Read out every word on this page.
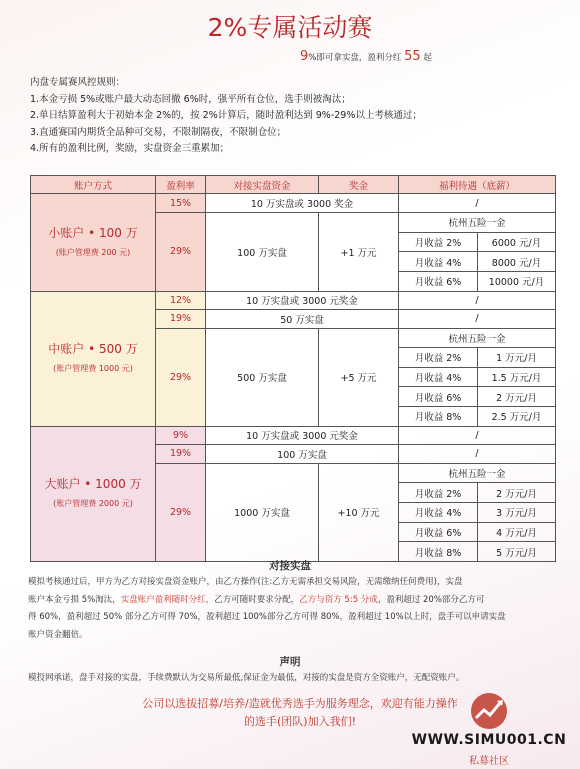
2%专属活动赛
9%即可拿实盘，盈利分红 55 起
内盘专属赛风控规则：
1.本金亏损 5%或账户最大动态回撤 6%时，强平所有仓位，选手则被淘汰；
2.单日结算盈利大于初始本金 2%的，按 2%计算后，随时盈利达到 9%-29%以上考核通过；
3.直通赛国内期货全品种可交易，不限制隔夜，不限制仓位；
4.所有的盈利比例，奖励，实盘资金三重累加；
账户方式	盈利率	对接实盘资金	奖金	福利待遇（底薪）	
小账户 • 100 万
(账户管理费 200 元)	15%	10 万实盘或 3000 奖金		/	
	29%	100 万实盘	+1 万元	杭州五险一金	
				月收益 2%	6000 元/月
				月收益 4%	8000 元/月
				月收益 6%	10000 元/月
中账户 • 500 万
(账户管理费 1000 元)	12%	10 万实盘或 3000 元奖金		/	
	19%	50 万实盘		/	
	29%	500 万实盘	+5 万元	杭州五险一金	
				月收益 2%	1 万元/月
				月收益 4%	1.5 万元/月
				月收益 6%	2 万元/月
				月收益 8%	2.5 万元/月
大账户 • 1000 万
(账户管理费 2000 元)	9%	10 万实盘或 3000 元奖金		/	
	19%	100 万实盘		/	
	29%	1000 万实盘	+10 万元	杭州五险一金	
				月收益 2%	2 万元/月
				月收益 4%	3 万元/月
				月收益 6%	4 万元/月
				月收益 8%	5 万元/月
对接实盘
模拟考核通过后，甲方为乙方对接实盘资金账户，由乙方操作(注:乙方无需承担交易风险，无需缴纳任何费用)，实盘
账户本金亏损 5%淘汰，实盘账户盈利随时分红，乙方可随时要求分配，乙方与资方 5:5 分成，盈利超过 20%部分乙方可
得 60%，盈利超过 50% 部分乙方可得 70%，盈利超过 100%部分乙方可得 80%，盈利超过 10%以上时，盘手可以申请实盘
账户资金翻倍。
声明
模投网承诺，盘手对接的实盘，手续费默认为交易所最低,保证金为最低，对接的实盘是资方全资账户，无配资账户。
公司以选拔招募/培养/造就优秀选手为服务理念，欢迎有能力操作
的选手(团队)加入我们!
WWW.SIMU001.CN
私募社区
